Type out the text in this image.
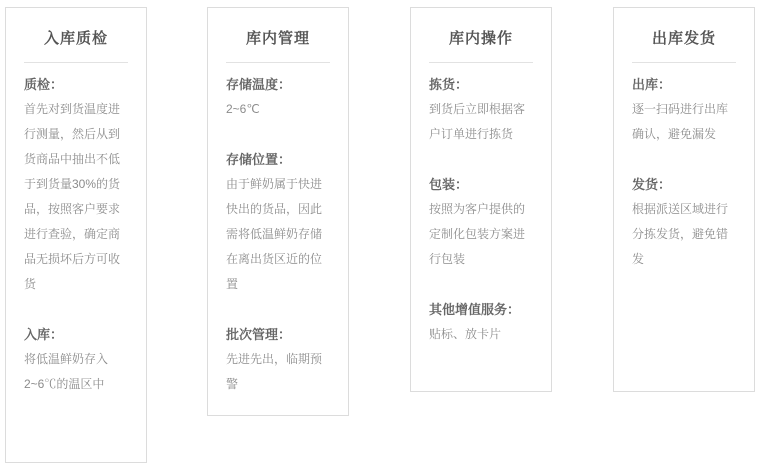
入库质检
质检：
首先对到货温度进行测量，然后从到货商品中抽出不低于到货量30%的货品，按照客户要求进行查验，确定商品无损坏后方可收货
入库：
将低温鲜奶存入2~6℃的温区中
库内管理
存储温度：
2~6℃
存储位置：
由于鲜奶属于快进快出的货品，因此需将低温鲜奶存储在离出货区近的位置
批次管理：
先进先出，临期预警
库内操作
拣货：
到货后立即根据客户订单进行拣货
包装：
按照为客户提供的定制化包装方案进行包装
其他增值服务：
贴标、放卡片
出库发货
出库：
逐一扫码进行出库确认，避免漏发
发货：
根据派送区域进行分拣发货，避免错发
